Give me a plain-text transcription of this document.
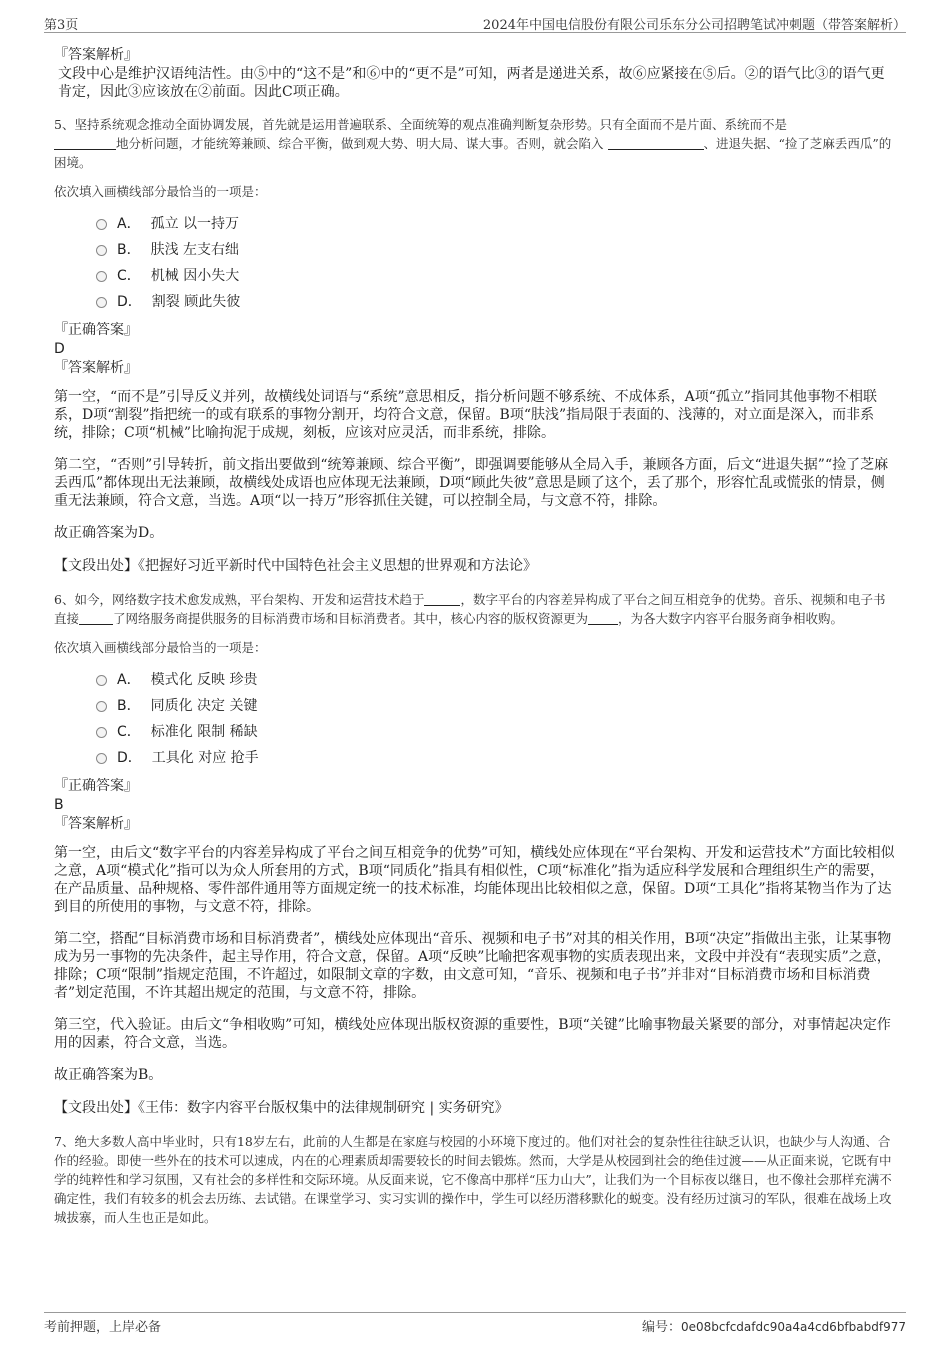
第3页	2024年中国电信股份有限公司乐东分公司招聘笔试冲刺题（带答案解析）
『答案解析』
文段中心是维护汉语纯洁性。由⑤中的“这不是”和⑥中的“更不是”可知，两者是递进关系，故⑥应紧接在⑤后。②的语气比③的语气更肯定，因此③应该放在②前面。因此C项正确。
5、坚持系统观念推动全面协调发展，首先就是运用普遍联系、全面统筹的观点准确判断复杂形势。只有全面而不是片面、系统而不是
地分析问题，才能统筹兼顾、综合平衡，做到观大势、明大局、谋大事。否则，就会陷入	、进退失据、“捡了芝麻丢西瓜”的困境。
依次填入画横线部分最恰当的一项是：
A． 孤立 以一持万
B． 肤浅 左支右绌
C． 机械 因小失大
D． 割裂 顾此失彼
『正确答案』
D
『答案解析』
第一空，“而不是”引导反义并列，故横线处词语与“系统”意思相反，指分析问题不够系统、不成体系，A项“孤立”指同其他事物不相联系，D项“割裂”指把统一的或有联系的事物分割开，均符合文意，保留。B项“肤浅”指局限于表面的、浅薄的，对立面是深入，而非系统，排除；C项“机械”比喻拘泥于成规，刻板，应该对应灵活，而非系统，排除。
第二空，“否则”引导转折，前文指出要做到“统筹兼顾、综合平衡”，即强调要能够从全局入手，兼顾各方面，后文“进退失据”“捡了芝麻丢西瓜”都体现出无法兼顾，故横线处成语也应体现无法兼顾，D项“顾此失彼”意思是顾了这个，丢了那个，形容忙乱或慌张的情景，侧重无法兼顾，符合文意，当选。A项“以一持万”形容抓住关键，可以控制全局，与文意不符，排除。
故正确答案为D。
【文段出处】《把握好习近平新时代中国特色社会主义思想的世界观和方法论》
6、如今，网络数字技术愈发成熟，平台架构、开发和运营技术趋于	，数字平台的内容差异构成了平台之间互相竞争的优势。音乐、视频和电子书直接	了网络服务商提供服务的目标消费市场和目标消费者。其中，核心内容的版权资源更为 ，为各大数字内容平台服务商争相收购。
依次填入画横线部分最恰当的一项是：
A． 模式化 反映 珍贵
B． 同质化 决定 关键
C． 标准化 限制 稀缺
D． 工具化 对应 抢手
『正确答案』
B
『答案解析』
第一空，由后文“数字平台的内容差异构成了平台之间互相竞争的优势”可知，横线处应体现在“平台架构、开发和运营技术”方面比较相似之意，A项“模式化”指可以为众人所套用的方式，B项“同质化”指具有相似性，C项“标准化”指为适应科学发展和合理组织生产的需要，在产品质量、品种规格、零件部件通用等方面规定统一的技术标准，均能体现出比较相似之意，保留。D项“工具化”指将某物当作为了达到目的所使用的事物，与文意不符，排除。
第二空，搭配“目标消费市场和目标消费者”，横线处应体现出“音乐、视频和电子书”对其的相关作用，B项“决定”指做出主张，让某事物成为另一事物的先决条件，起主导作用，符合文意，保留。A项“反映”比喻把客观事物的实质表现出来，文段中并没有“表现实质”之意，排除；C项“限制”指规定范围，不许超过，如限制文章的字数，由文意可知，“音乐、视频和电子书”并非对“目标消费市场和目标消费者”划定范围，不许其超出规定的范围，与文意不符，排除。
第三空，代入验证。由后文“争相收购”可知，横线处应体现出版权资源的重要性，B项“关键”比喻事物最关紧要的部分，对事情起决定作用的因素，符合文意，当选。
故正确答案为B。
【文段出处】《王伟：数字内容平台版权集中的法律规制研究 | 实务研究》
7、绝大多数人高中毕业时，只有18岁左右，此前的人生都是在家庭与校园的小环境下度过的。他们对社会的复杂性往往缺乏认识，也缺少与人沟通、合作的经验。即使一些外在的技术可以速成，内在的心理素质却需要较长的时间去锻炼。然而，大学是从校园到社会的绝佳过渡——从正面来说，它既有中学的纯粹性和学习氛围，又有社会的多样性和交际环境。从反面来说，它不像高中那样“压力山大”，让我们为一个目标夜以继日，也不像社会那样充满不确定性，我们有较多的机会去历练、去试错。在课堂学习、实习实训的操作中，学生可以经历潜移默化的蜕变。没有经历过演习的军队，很难在战场上攻城拔寨，而人生也正是如此。
考前押题，上岸必备	编号：0e08bcfcdafdc90a4a4cd6bfbabdf977
